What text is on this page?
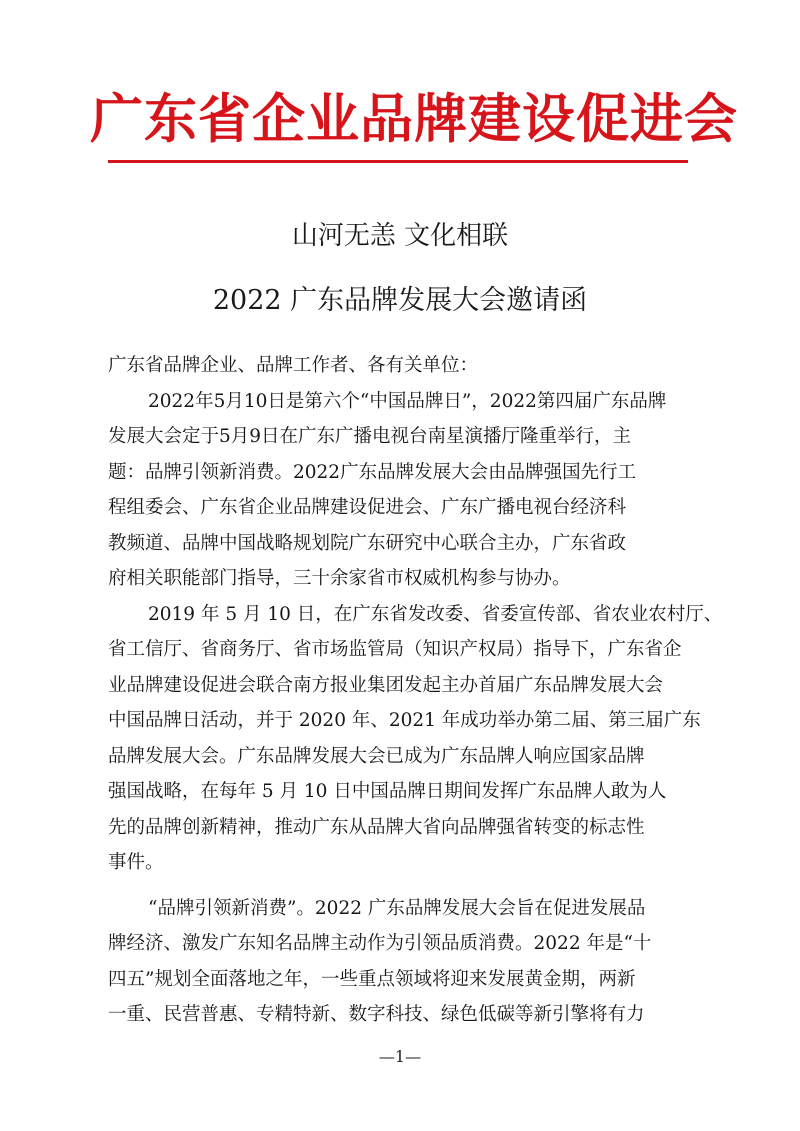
广东省企业品牌建设促进会
山河无恙 文化相联
2022 广东品牌发展大会邀请函
广东省品牌企业、品牌工作者、各有关单位：
2022年5月10日是第六个“中国品牌日”，2022第四届广东品牌
发展大会定于5月9日在广东广播电视台南星演播厅隆重举行，主
题：品牌引领新消费。2022广东品牌发展大会由品牌强国先行工
程组委会、广东省企业品牌建设促进会、广东广播电视台经济科
教频道、品牌中国战略规划院广东研究中心联合主办，广东省政
府相关职能部门指导，三十余家省市权威机构参与协办。
2019 年 5 月 10 日，在广东省发改委、省委宣传部、省农业农村厅、
省工信厅、省商务厅、省市场监管局（知识产权局）指导下，广东省企
业品牌建设促进会联合南方报业集团发起主办首届广东品牌发展大会
中国品牌日活动，并于 2020 年、2021 年成功举办第二届、第三届广东
品牌发展大会。广东品牌发展大会已成为广东品牌人响应国家品牌
强国战略，在每年 5 月 10 日中国品牌日期间发挥广东品牌人敢为人
先的品牌创新精神，推动广东从品牌大省向品牌强省转变的标志性
事件。
“品牌引领新消费”。2022 广东品牌发展大会旨在促进发展品
牌经济、激发广东知名品牌主动作为引领品质消费。2022 年是“十
四五”规划全面落地之年，一些重点领域将迎来发展黄金期，两新
一重、民营普惠、专精特新、数字科技、绿色低碳等新引擎将有力
—1—
